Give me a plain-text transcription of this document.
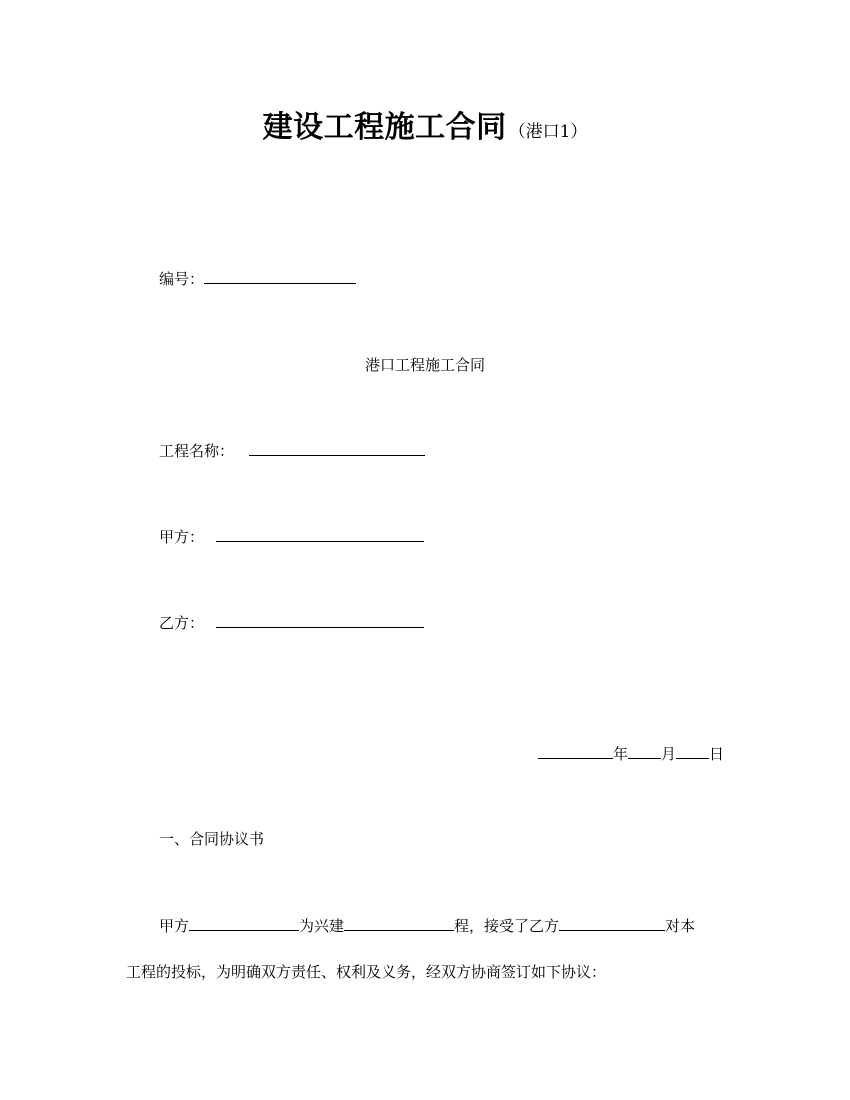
建设工程施工合同 （港口1）
编号：
港口工程施工合同
工程名称：
甲方：
乙方：
年 月 日
一、合同协议书
甲方	为兴建	程，接受了乙方	对本
工程的投标，为明确双方责任、权利及义务，经双方协商签订如下协议：
